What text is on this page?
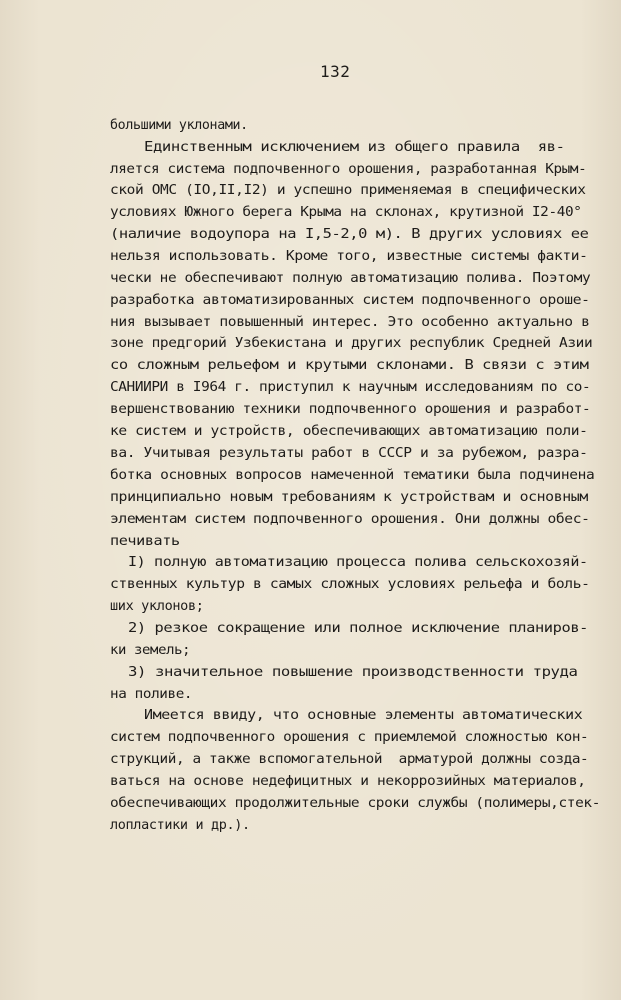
132
большими уклонами.
Единственным исключением из общего правила  яв-
ляется система подпочвенного орошения, разработанная Крым-
ской ОМС (IO,II,I2) и успешно применяемая в специфических
условиях Южного берега Крыма на склонах, крутизной I2-40°
(наличие водоупора на I,5-2,0 м). В других условиях ее
нельзя использовать. Кроме того, известные системы факти-
чески не обеспечивают полную автоматизацию полива. Поэтому
разработка автоматизированных систем подпочвенного ороше-
ния вызывает повышенный интерес. Это особенно актуально в
зоне предгорий Узбекистана и других республик Средней Азии
со сложным рельефом и крутыми склонами. В связи с этим
САНИИРИ в I964 г. приступил к научным исследованиям по со-
вершенствованию техники подпочвенного орошения и разработ-
ке систем и устройств, обеспечивающих автоматизацию поли-
ва. Учитывая результаты работ в СССР и за рубежом, разра-
ботка основных вопросов намеченной тематики была подчинена
принципиально новым требованиям к устройствам и основным
элементам систем подпочвенного орошения. Они должны обес-
печивать
I) полную автоматизацию процесса полива сельскохозяй-
ственных культур в самых сложных условиях рельефа и боль-
ших уклонов;
2) резкое сокращение или полное исключение планиров-
ки земель;
3) значительное повышение производственности труда
на поливе.
Имеется ввиду, что основные элементы автоматических
систем подпочвенного орошения с приемлемой сложностью кон-
струкций, а также вспомогательной  арматурой должны созда-
ваться на основе недефицитных и некоррозийных материалов,
обеспечивающих продолжительные сроки службы (полимеры,стек-
лопластики и др.).
